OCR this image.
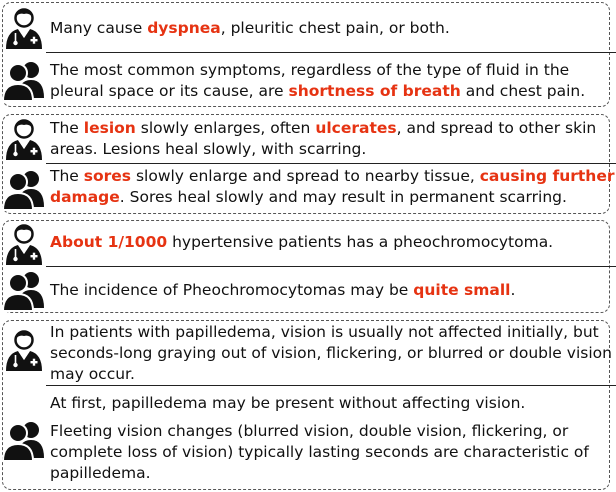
Many cause dyspnea, pleuritic chest pain, or both.
The most common symptoms, regardless of the type of fluid in the
pleural space or its cause, are shortness of breath and chest pain.
The lesion slowly enlarges, often ulcerates, and spread to other skin
areas. Lesions heal slowly, with scarring.
The sores slowly enlarge and spread to nearby tissue, causing further
damage. Sores heal slowly and may result in permanent scarring.
About 1/1000 hypertensive patients has a pheochromocytoma.
The incidence of Pheochromocytomas may be quite small.
In patients with papilledema, vision is usually not affected initially, but
seconds-long graying out of vision, flickering, or blurred or double vision
may occur.
At first, papilledema may be present without affecting vision.
Fleeting vision changes (blurred vision, double vision, flickering, or
complete loss of vision) typically lasting seconds are characteristic of
papilledema.
